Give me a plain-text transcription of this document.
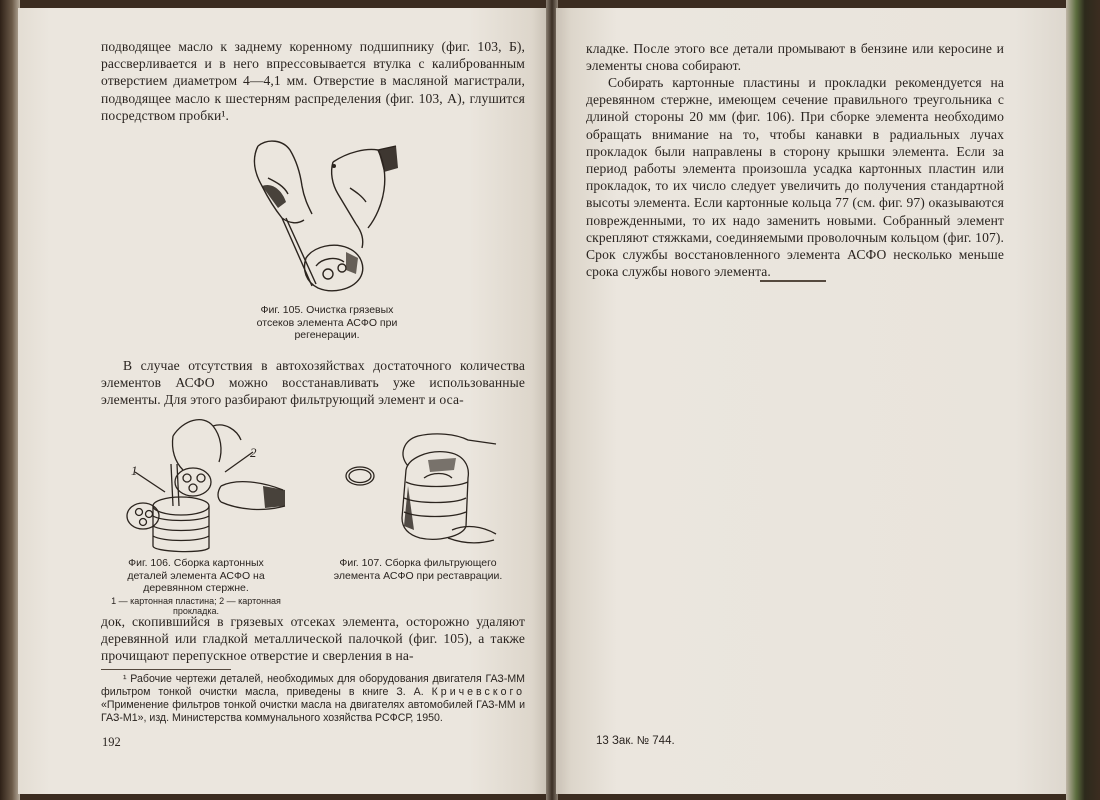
подводящее масло к заднему коренному подшипнику (фиг. 103, Б), рассверливается и в него впрессовывается втулка с калиброванным отверстием диаметром 4—4,1 мм. Отверстие в масляной магистрали, подводящее масло к шестерням распределения (фиг. 103, А), глушится посредством пробки¹.

Фиг. 105. Очистка грязевых отсеков элемента АСФО при регенерации.

В случае отсутствия в автохозяйствах достаточного количества элементов АСФО можно восстанавливать уже использованные элементы. Для этого разбирают фильтрующий элемент и оса-

1
2
Фиг. 106. Сборка картонных деталей элемента АСФО на деревянном стержне.
1 — картонная пластина; 2 — картонная прокладка.
Фиг. 107. Сборка фильтрующего элемента АСФО при реставрации.

док, скопившийся в грязевых отсеках элемента, осторожно удаляют деревянной или гладкой металлической палочкой (фиг. 105), а также прочищают перепускное отверстие и сверления в на-

¹ Рабочие чертежи деталей, необходимых для оборудования двигателя ГАЗ-ММ фильтром тонкой очистки масла, приведены в книге З. А. Кричевского «Применение фильтров тонкой очистки масла на двигателях автомобилей ГАЗ-ММ и ГАЗ-М1», изд. Министерства коммунального хозяйства РСФСР, 1950.

192

кладке. После этого все детали промывают в бензине или керосине и элементы снова собирают.

Собирать картонные пластины и прокладки рекомендуется на деревянном стержне, имеющем сечение правильного треугольника с длиной стороны 20 мм (фиг. 106). При сборке элемента необходимо обращать внимание на то, чтобы канавки в радиальных лучах прокладок были направлены в сторону крышки элемента. Если за период работы элемента произошла усадка картонных пластин или прокладок, то их число следует увеличить до получения стандартной высоты элемента. Если картонные кольца 77 (см. фиг. 97) оказываются поврежденными, то их надо заменить новыми. Собранный элемент скрепляют стяжками, соединяемыми проволочным кольцом (фиг. 107). Срок службы восстановленного элемента АСФО несколько меньше срока службы нового элемента.

13 Зак. № 744.
